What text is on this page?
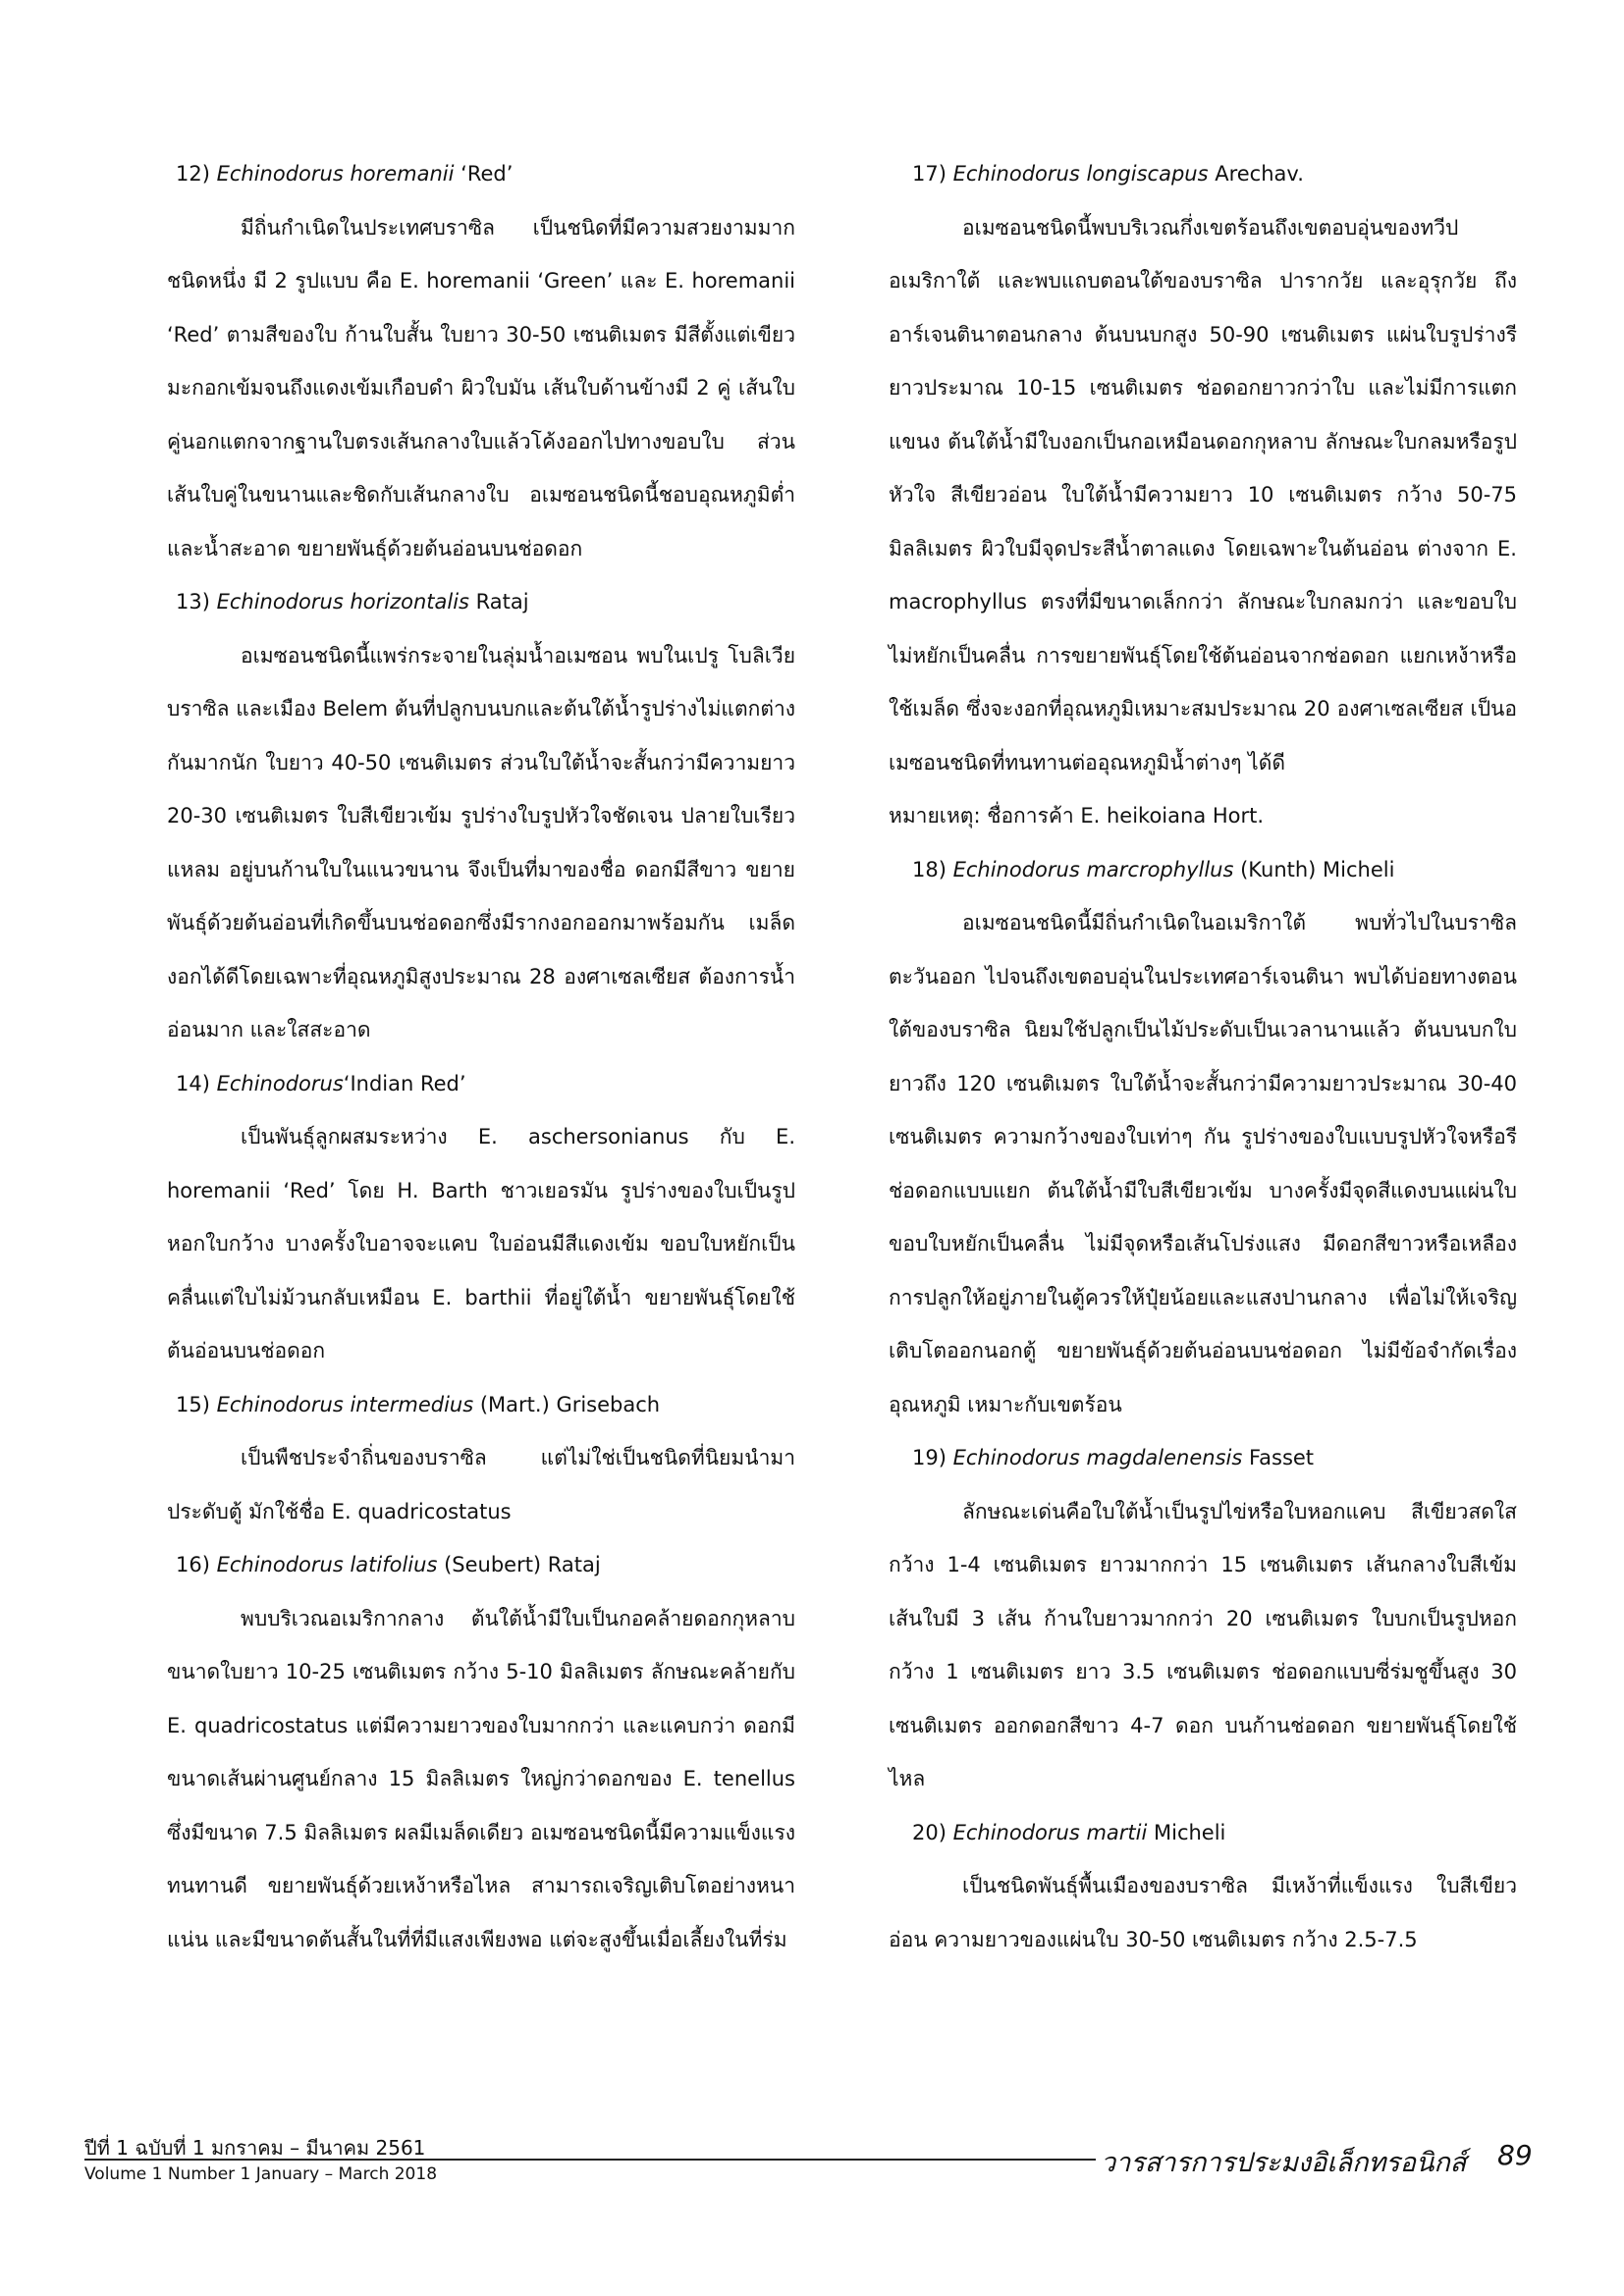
12) Echinodorus horemanii ‘Red’

มีถิ่นกำเนิดในประเทศบราซิล เป็นชนิดที่มีความสวยงามมากชนิดหนึ่ง มี 2 รูปแบบ คือ E. horemanii ‘Green’ และ E. horemanii ‘Red’ ตามสีของใบ ก้านใบสั้น ใบยาว 30-50 เซนติเมตร มีสีตั้งแต่เขียวมะกอกเข้มจนถึงแดงเข้มเกือบดำ ผิวใบมัน เส้นใบด้านข้างมี 2 คู่ เส้นใบคู่นอกแตกจากฐานใบตรงเส้นกลางใบแล้วโค้งออกไปทางขอบใบ ส่วนเส้นใบคู่ในขนานและชิดกับเส้นกลางใบ อเมซอนชนิดนี้ชอบอุณหภูมิต่ำและน้ำสะอาด ขยายพันธุ์ด้วยต้นอ่อนบนช่อดอก

13) Echinodorus horizontalis Rataj

อเมซอนชนิดนี้แพร่กระจายในลุ่มน้ำอเมซอน พบในเปรู โบลิเวีย บราซิล และเมือง Belem ต้นที่ปลูกบนบกและต้นใต้น้ำรูปร่างไม่แตกต่างกันมากนัก ใบยาว 40-50 เซนติเมตร ส่วนใบใต้น้ำจะสั้นกว่ามีความยาว 20-30 เซนติเมตร ใบสีเขียวเข้ม รูปร่างใบรูปหัวใจชัดเจน ปลายใบเรียวแหลม อยู่บนก้านใบในแนวขนาน จึงเป็นที่มาของชื่อ ดอกมีสีขาว ขยายพันธุ์ด้วยต้นอ่อนที่เกิดขึ้นบนช่อดอกซึ่งมีรากงอกออกมาพร้อมกัน เมล็ดงอกได้ดีโดยเฉพาะที่อุณหภูมิสูงประมาณ 28 องศาเซลเซียส ต้องการน้ำอ่อนมาก และใสสะอาด

14) Echinodorus‘Indian Red’

เป็นพันธุ์ลูกผสมระหว่าง E. aschersonianus กับ E. horemanii ‘Red’ โดย H. Barth ชาวเยอรมัน รูปร่างของใบเป็นรูปหอกใบกว้าง บางครั้งใบอาจจะแคบ ใบอ่อนมีสีแดงเข้ม ขอบใบหยักเป็นคลื่นแต่ใบไม่ม้วนกลับเหมือน E. barthii ที่อยู่ใต้น้ำ ขยายพันธุ์โดยใช้ต้นอ่อนบนช่อดอก

15) Echinodorus intermedius (Mart.) Grisebach

เป็นพืชประจำถิ่นของบราซิล แต่ไม่ใช่เป็นชนิดที่นิยมนำมาประดับตู้ มักใช้ชื่อ E. quadricostatus

16) Echinodorus latifolius (Seubert) Rataj

พบบริเวณอเมริกากลาง ต้นใต้น้ำมีใบเป็นกอคล้ายดอกกุหลาบ ขนาดใบยาว 10-25 เซนติเมตร กว้าง 5-10 มิลลิเมตร ลักษณะคล้ายกับ E. quadricostatus แต่มีความยาวของใบมากกว่า และแคบกว่า ดอกมีขนาดเส้นผ่านศูนย์กลาง 15 มิลลิเมตร ใหญ่กว่าดอกของ E. tenellus ซึ่งมีขนาด 7.5 มิลลิเมตร ผลมีเมล็ดเดียว อเมซอนชนิดนี้มีความแข็งแรงทนทานดี ขยายพันธุ์ด้วยเหง้าหรือไหล สามารถเจริญเติบโตอย่างหนาแน่น และมีขนาดต้นสั้นในที่ที่มีแสงเพียงพอ แต่จะสูงขึ้นเมื่อเลี้ยงในที่ร่ม

17) Echinodorus longiscapus Arechav.

อเมซอนชนิดนี้พบบริเวณกึ่งเขตร้อนถึงเขตอบอุ่นของทวีปอเมริกาใต้ และพบแถบตอนใต้ของบราซิล ปารากวัย และอุรุกวัย ถึงอาร์เจนตินาตอนกลาง ต้นบนบกสูง 50-90 เซนติเมตร แผ่นใบรูปร่างรียาวประมาณ 10-15 เซนติเมตร ช่อดอกยาวกว่าใบ และไม่มีการแตกแขนง ต้นใต้น้ำมีใบงอกเป็นกอเหมือนดอกกุหลาบ ลักษณะใบกลมหรือรูปหัวใจ สีเขียวอ่อน ใบใต้น้ำมีความยาว 10 เซนติเมตร กว้าง 50-75 มิลลิเมตร ผิวใบมีจุดประสีน้ำตาลแดง โดยเฉพาะในต้นอ่อน ต่างจาก E. macrophyllus ตรงที่มีขนาดเล็กกว่า ลักษณะใบกลมกว่า และขอบใบไม่หยักเป็นคลื่น การขยายพันธุ์โดยใช้ต้นอ่อนจากช่อดอก แยกเหง้าหรือใช้เมล็ด ซึ่งจะงอกที่อุณหภูมิเหมาะสมประมาณ 20 องศาเซลเซียส เป็นอเมซอนชนิดที่ทนทานต่ออุณหภูมิน้ำต่างๆ ได้ดี

หมายเหตุ: ชื่อการค้า E. heikoiana Hort.

18) Echinodorus marcrophyllus (Kunth) Micheli

อเมซอนชนิดนี้มีถิ่นกำเนิดในอเมริกาใต้ พบทั่วไปในบราซิลตะวันออก ไปจนถึงเขตอบอุ่นในประเทศอาร์เจนตินา พบได้บ่อยทางตอนใต้ของบราซิล นิยมใช้ปลูกเป็นไม้ประดับเป็นเวลานานแล้ว ต้นบนบกใบยาวถึง 120 เซนติเมตร ใบใต้น้ำจะสั้นกว่ามีความยาวประมาณ 30-40 เซนติเมตร ความกว้างของใบเท่าๆ กัน รูปร่างของใบแบบรูปหัวใจหรือรี ช่อดอกแบบแยก ต้นใต้น้ำมีใบสีเขียวเข้ม บางครั้งมีจุดสีแดงบนแผ่นใบ ขอบใบหยักเป็นคลื่น ไม่มีจุดหรือเส้นโปร่งแสง มีดอกสีขาวหรือเหลือง การปลูกให้อยู่ภายในตู้ควรให้ปุ๋ยน้อยและแสงปานกลาง เพื่อไม่ให้เจริญเติบโตออกนอกตู้ ขยายพันธุ์ด้วยต้นอ่อนบนช่อดอก ไม่มีข้อจำกัดเรื่องอุณหภูมิ เหมาะกับเขตร้อน

19) Echinodorus magdalenensis Fasset

ลักษณะเด่นคือใบใต้น้ำเป็นรูปไข่หรือใบหอกแคบ สีเขียวสดใส กว้าง 1-4 เซนติเมตร ยาวมากกว่า 15 เซนติเมตร เส้นกลางใบสีเข้ม เส้นใบมี 3 เส้น ก้านใบยาวมากกว่า 20 เซนติเมตร ใบบกเป็นรูปหอกกว้าง 1 เซนติเมตร ยาว 3.5 เซนติเมตร ช่อดอกแบบซี่ร่มชูขึ้นสูง 30 เซนติเมตร ออกดอกสีขาว 4-7 ดอก บนก้านช่อดอก ขยายพันธุ์โดยใช้ไหล

20) Echinodorus martii Micheli

เป็นชนิดพันธุ์พื้นเมืองของบราซิล มีเหง้าที่แข็งแรง ใบสีเขียวอ่อน ความยาวของแผ่นใบ 30-50 เซนติเมตร กว้าง 2.5-7.5

ปีที่ 1 ฉบับที่ 1 มกราคม – มีนาคม 2561
Volume 1 Number 1 January – March 2018	วารสารการประมงอิเล็กทรอนิกส์ 89
